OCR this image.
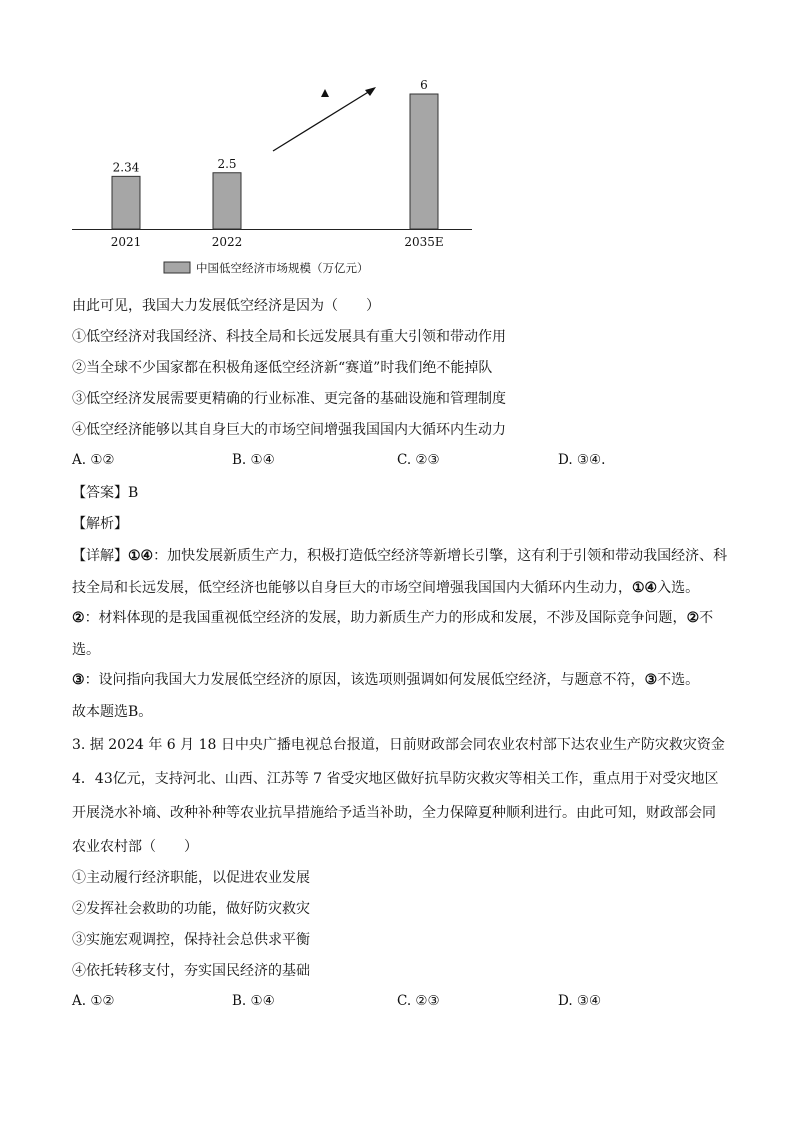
2.34
2021
2.5
2022
6
2035E
中国低空经济市场规模（万亿元）
由此可见，我国大力发展低空经济是因为（　　）
①低空经济对我国经济、科技全局和长远发展具有重大引领和带动作用
②当全球不少国家都在积极角逐低空经济新“赛道”时我们绝不能掉队
③低空经济发展需要更精确的行业标准、更完备的基础设施和管理制度
④低空经济能够以其自身巨大的市场空间增强我国国内大循环内生动力
A. ①②	B. ①④	C. ②③	D. ③④.
【答案】B
【解析】
【详解】①④：加快发展新质生产力，积极打造低空经济等新增长引擎，这有利于引领和带动我国经济、科技全局和长远发展，低空经济也能够以自身巨大的市场空间增强我国国内大循环内生动力，①④入选。
②：材料体现的是我国重视低空经济的发展，助力新质生产力的形成和发展，不涉及国际竞争问题，②不选。
③：设问指向我国大力发展低空经济的原因，该选项则强调如何发展低空经济，与题意不符，③不选。
故本题选B。
3. 据 2024 年 6 月 18 日中央广播电视总台报道，日前财政部会同农业农村部下达农业生产防灾救灾资金 4．43亿元，支持河北、山西、江苏等 7 省受灾地区做好抗旱防灾救灾等相关工作，重点用于对受灾地区开展浇水补墒、改种补种等农业抗旱措施给予适当补助，全力保障夏种顺利进行。由此可知，财政部会同农业农村部（　　）
①主动履行经济职能，以促进农业发展
②发挥社会救助的功能，做好防灾救灾
③实施宏观调控，保持社会总供求平衡
④依托转移支付，夯实国民经济的基础
A. ①②	B. ①④	C. ②③	D. ③④
